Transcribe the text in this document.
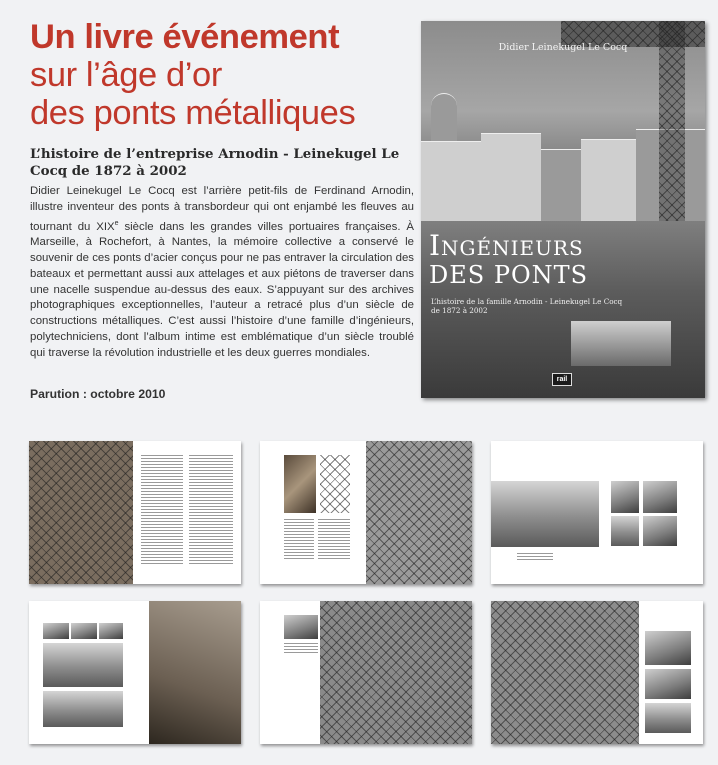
Un livre événement
sur l’âge d’or
des ponts métalliques
L’histoire de l’entreprise Arnodin - Leinekugel Le Cocq de 1872 à 2002

Didier Leinekugel Le Cocq est l’arrière petit-fils de Ferdinand Arnodin, illustre inventeur des ponts à transbordeur qui ont enjambé les fleuves au tournant du XIXe siècle dans les grandes villes portuaires françaises. À Marseille, à Rochefort, à Nantes, la mémoire collective a conservé le souvenir de ces ponts d’acier conçus pour ne pas entraver la circulation des bateaux et permettant aussi aux attelages et aux piétons de traverser dans une nacelle suspendue au-dessus des eaux. S’appuyant sur des archives photographiques exceptionnelles, l’auteur a retracé plus d’un siècle de constructions métalliques. C’est aussi l’histoire d’une famille d’ingénieurs, polytechniciens, dont l’album intime est emblématique d’un siècle troublé qui traverse la révolution industrielle et les deux guerres mondiales.

Parution : octobre 2010
Didier Leinekugel Le Cocq
Ingénieurs
DES PONTS
L’histoire de la famille Arnodin - Leinekugel Le Cocq
de 1872 à 2002
rail
